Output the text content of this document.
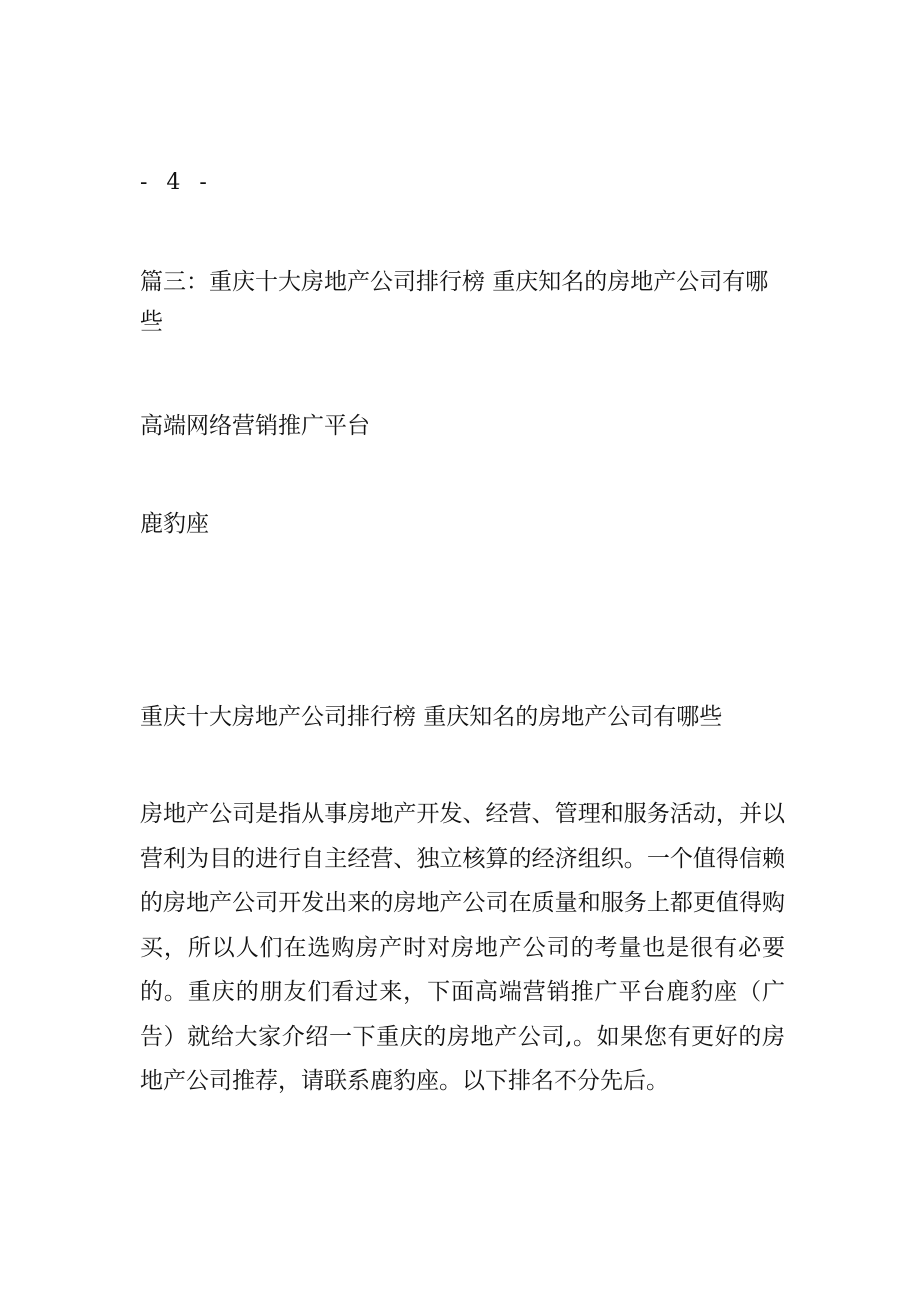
- 4 -
篇三：重庆十大房地产公司排行榜 重庆知名的房地产公司有哪些
高端网络营销推广平台
鹿豹座
重庆十大房地产公司排行榜 重庆知名的房地产公司有哪些
房地产公司是指从事房地产开发、经营、管理和服务活动，并以营利为目的进行自主经营、独立核算的经济组织。一个值得信赖的房地产公司开发出来的房地产公司在质量和服务上都更值得购买，所以人们在选购房产时对房地产公司的考量也是很有必要的。重庆的朋友们看过来，下面高端营销推广平台鹿豹座（广告）就给大家介绍一下重庆的房地产公司,。如果您有更好的房地产公司推荐，请联系鹿豹座。以下排名不分先后。
